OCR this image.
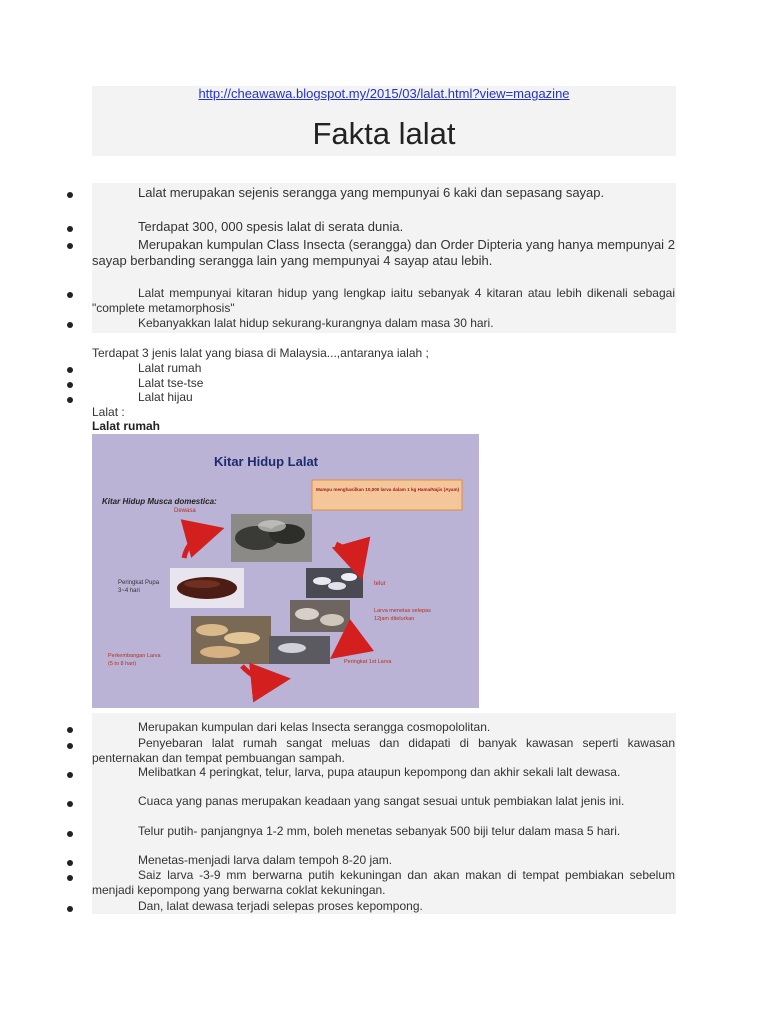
http://cheawawa.blogspot.my/2015/03/lalat.html?view=magazine
Fakta lalat
Lalat merupakan sejenis serangga yang mempunyai 6 kaki dan sepasang sayap.
Terdapat 300, 000 spesis lalat di serata dunia.
Merupakan kumpulan Class Insecta (serangga) dan Order Dipteria yang hanya mempunyai 2 sayap berbanding serangga lain yang mempunyai 4 sayap atau lebih.
Lalat mempunyai kitaran hidup yang lengkap iaitu sebanyak 4 kitaran atau lebih dikenali sebagai "complete metamorphosis"
Kebanyakkan lalat hidup sekurang-kurangnya dalam masa 30 hari.
Terdapat 3 jenis lalat yang biasa di Malaysia...,antaranya ialah ;
Lalat rumah
Lalat tse-tse
Lalat hijau
Lalat :
Lalat rumah
Kitar Hidup Lalat
Kitar Hidup Musca domestica:
Mampu menghasilkan 10,000 larva dalam 1 kg Hama/Najis (Ayam)
Dewasa
telur
Larva menetas selepas
12jam ditelurkan
Peringkat Pupa
3~4 hari
Perkembangan Larva
(5 to 8 hari)	Peringkat 1st Larva
Merupakan kumpulan dari kelas Insecta serangga cosmopololitan.
Penyebaran lalat rumah sangat meluas dan didapati di banyak kawasan seperti kawasan penternakan dan tempat pembuangan sampah.
Melibatkan 4 peringkat, telur, larva, pupa ataupun kepompong dan akhir sekali lalt dewasa.
Cuaca yang panas merupakan keadaan yang sangat sesuai untuk pembiakan lalat jenis ini.
Telur putih- panjangnya 1-2 mm, boleh menetas sebanyak 500 biji telur dalam masa 5 hari.
Menetas-menjadi larva dalam tempoh 8-20 jam.
Saiz larva -3-9 mm berwarna putih kekuningan dan akan makan di tempat pembiakan sebelum menjadi kepompong yang berwarna coklat kekuningan.
Dan, lalat dewasa terjadi selepas proses kepompong.
